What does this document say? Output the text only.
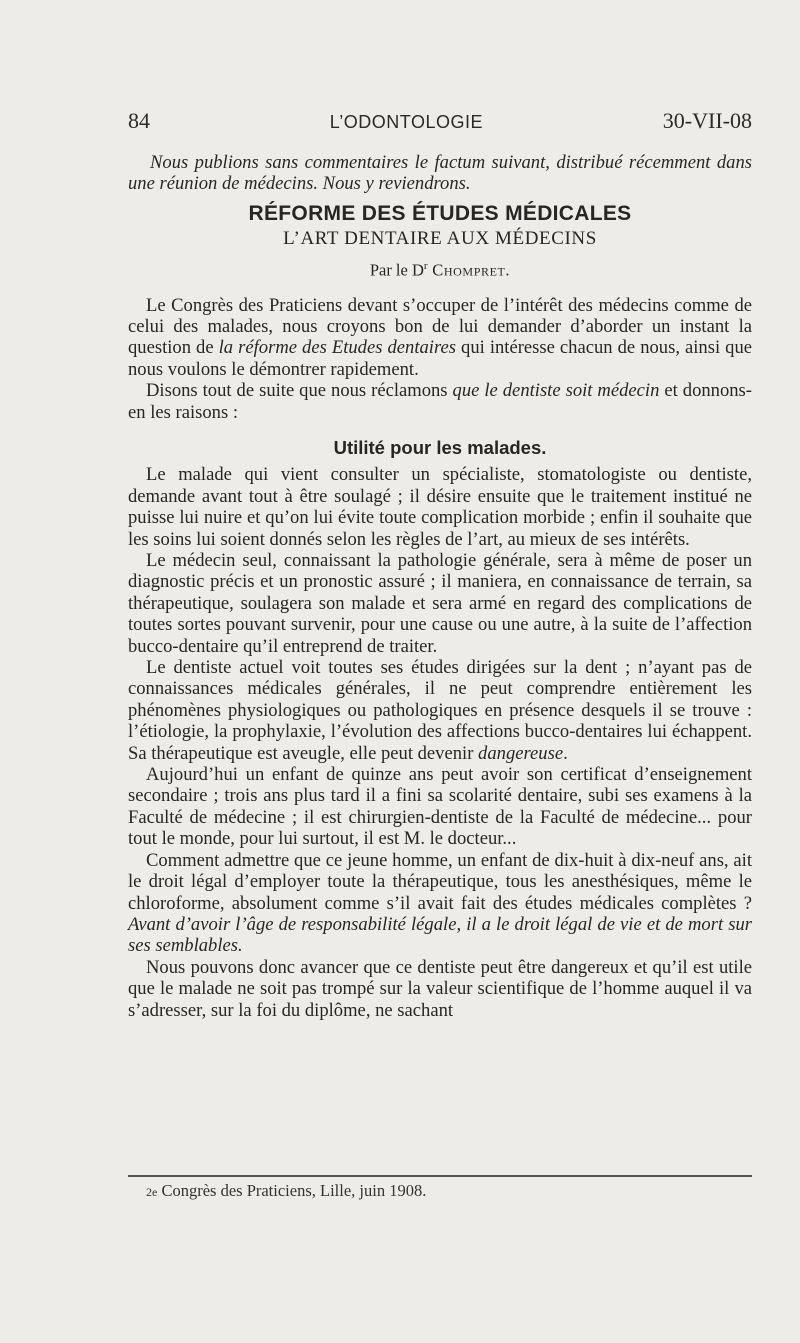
84	L’ODONTOLOGIE	30-VII-08

Nous publions sans commentaires le factum suivant, distribué récemment dans une réunion de médecins. Nous y reviendrons.

RÉFORME DES ÉTUDES MÉDICALES
L’ART DENTAIRE AUX MÉDECINS
Par le $D^r$ Chompret.

Le Congrès des Praticiens devant s’occuper de l’intérêt des médecins comme de celui des malades, nous croyons bon de lui demander d’aborder un instant la question de la réforme des Etudes dentaires qui intéresse chacun de nous, ainsi que nous voulons le démontrer rapidement.

Disons tout de suite que nous réclamons que le dentiste soit médecin et donnons-en les raisons :

Utilité pour les malades.

Le malade qui vient consulter un spécialiste, stomatologiste ou dentiste, demande avant tout à être soulagé ; il désire ensuite que le traitement institué ne puisse lui nuire et qu’on lui évite toute complication morbide ; enfin il souhaite que les soins lui soient donnés selon les règles de l’art, au mieux de ses intérêts.

Le médecin seul, connaissant la pathologie générale, sera à même de poser un diagnostic précis et un pronostic assuré ; il maniera, en connaissance de terrain, sa thérapeutique, soulagera son malade et sera armé en regard des complications de toutes sortes pouvant survenir, pour une cause ou une autre, à la suite de l’affection bucco-dentaire qu’il entreprend de traiter.

Le dentiste actuel voit toutes ses études dirigées sur la dent ; n’ayant pas de connaissances médicales générales, il ne peut comprendre entièrement les phénomènes physiologiques ou pathologiques en présence desquels il se trouve : l’étiologie, la prophylaxie, l’évolution des affections bucco-dentaires lui échappent. Sa thérapeutique est aveugle, elle peut devenir dangereuse.

Aujourd’hui un enfant de quinze ans peut avoir son certificat d’enseignement secondaire ; trois ans plus tard il a fini sa scolarité dentaire, subi ses examens à la Faculté de médecine ; il est chirurgien-dentiste de la Faculté de médecine... pour tout le monde, pour lui surtout, il est M. le docteur...

Comment admettre que ce jeune homme, un enfant de dix-huit à dix-neuf ans, ait le droit légal d’employer toute la thérapeutique, tous les anesthésiques, même le chloroforme, absolument comme s’il avait fait des études médicales complètes ? Avant d’avoir l’âge de responsabilité légale, il a le droit légal de vie et de mort sur ses semblables.

Nous pouvons donc avancer que ce dentiste peut être dangereux et qu’il est utile que le malade ne soit pas trompé sur la valeur scientifique de l’homme auquel il va s’adresser, sur la foi du diplôme, ne sachant

2e Congrès des Praticiens, Lille, juin 1908.
